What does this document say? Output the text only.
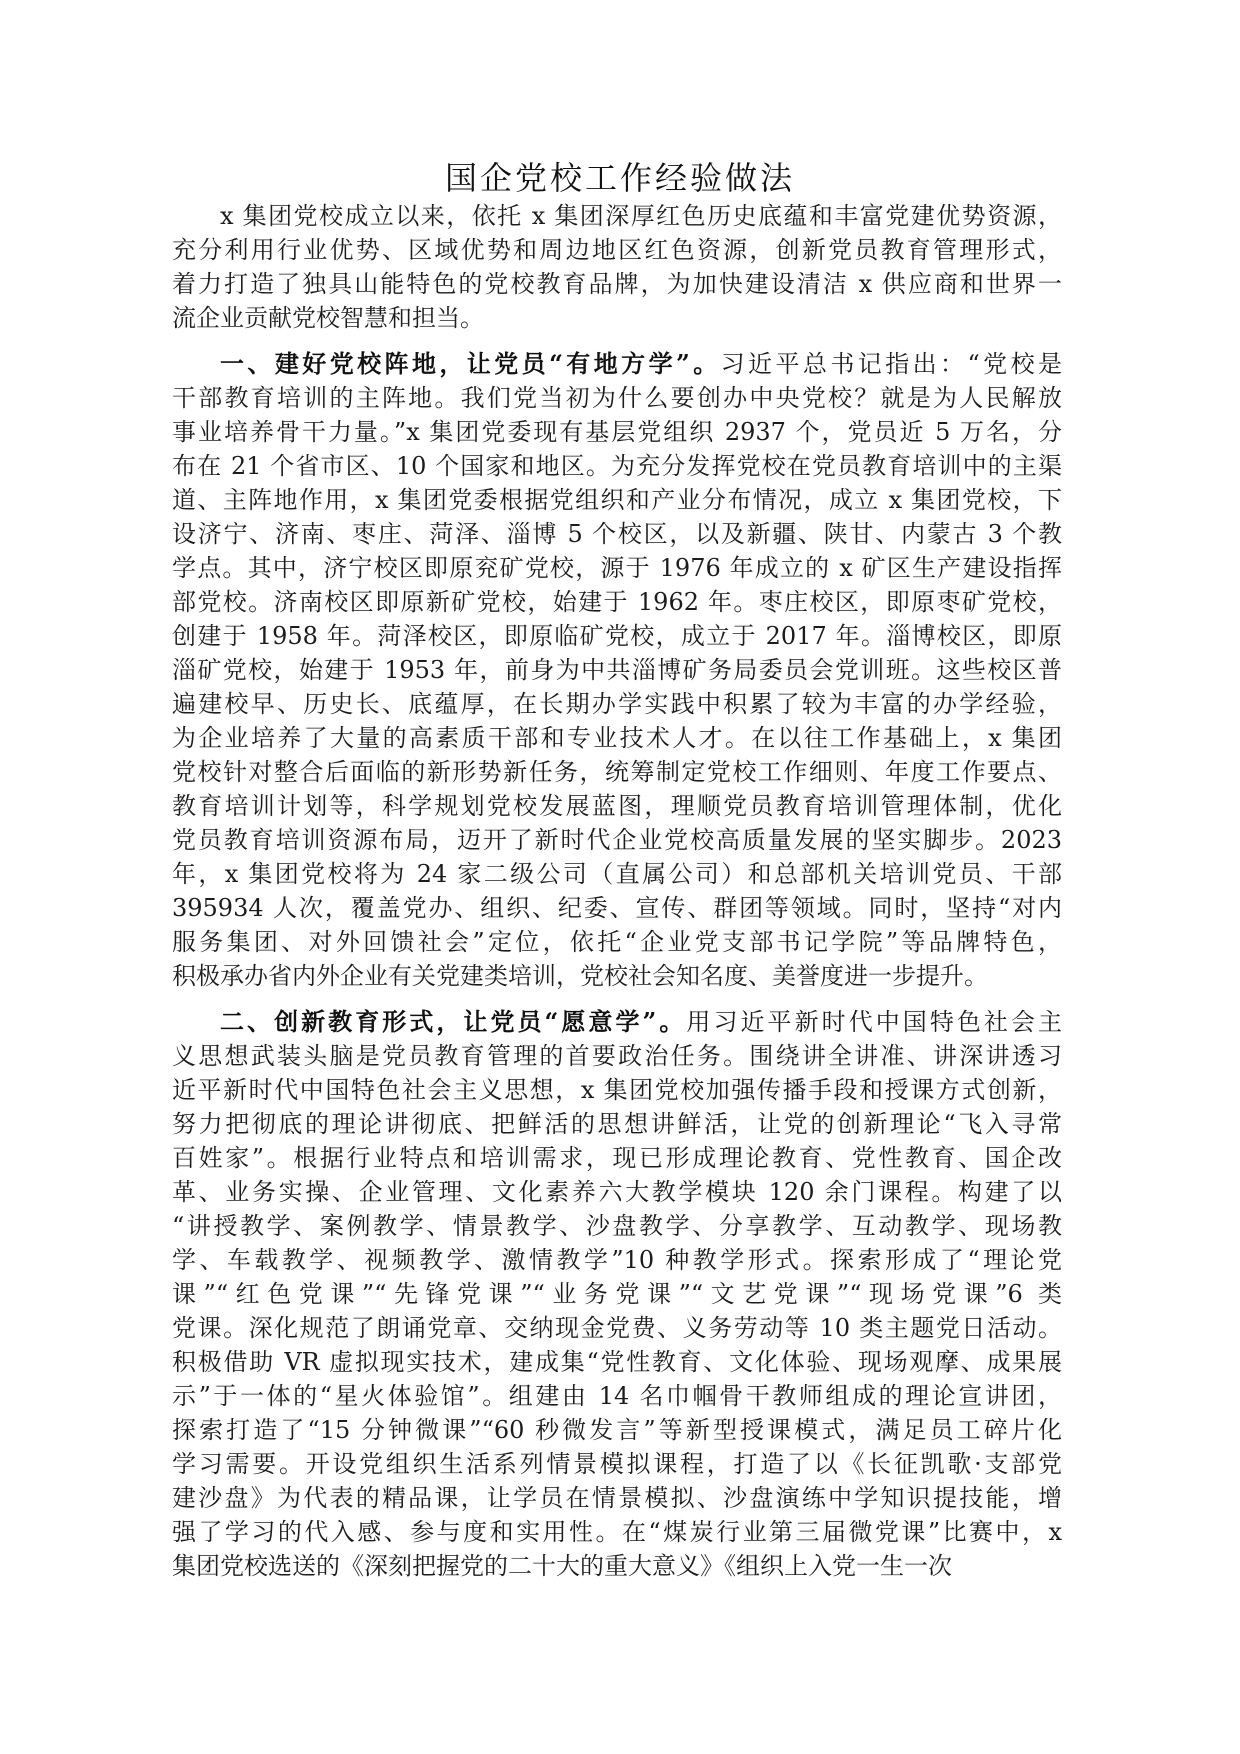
国企党校工作经验做法
x 集团党校成立以来，依托 x 集团深厚红色历史底蕴和丰富党建优势资源，
充分利用行业优势、区域优势和周边地区红色资源，创新党员教育管理形式，
着力打造了独具山能特色的党校教育品牌，为加快建设清洁 x 供应商和世界一
流企业贡献党校智慧和担当。
一、建好党校阵地，让党员“有地方学”。习近平总书记指出：“党校是
干部教育培训的主阵地。我们党当初为什么要创办中央党校？就是为人民解放
事业培养骨干力量。”x 集团党委现有基层党组织 2937 个，党员近 5 万名，分
布在 21 个省市区、10 个国家和地区。为充分发挥党校在党员教育培训中的主渠
道、主阵地作用，x 集团党委根据党组织和产业分布情况，成立 x 集团党校，下
设济宁、济南、枣庄、菏泽、淄博 5 个校区，以及新疆、陕甘、内蒙古 3 个教
学点。其中，济宁校区即原兖矿党校，源于 1976 年成立的 x 矿区生产建设指挥
部党校。济南校区即原新矿党校，始建于 1962 年。枣庄校区，即原枣矿党校，
创建于 1958 年。菏泽校区，即原临矿党校，成立于 2017 年。淄博校区，即原
淄矿党校，始建于 1953 年，前身为中共淄博矿务局委员会党训班。这些校区普
遍建校早、历史长、底蕴厚，在长期办学实践中积累了较为丰富的办学经验，
为企业培养了大量的高素质干部和专业技术人才。在以往工作基础上，x 集团
党校针对整合后面临的新形势新任务，统筹制定党校工作细则、年度工作要点、
教育培训计划等，科学规划党校发展蓝图，理顺党员教育培训管理体制，优化
党员教育培训资源布局，迈开了新时代企业党校高质量发展的坚实脚步。2023
年，x 集团党校将为 24 家二级公司（直属公司）和总部机关培训党员、干部
395934 人次，覆盖党办、组织、纪委、宣传、群团等领域。同时，坚持“对内
服务集团、对外回馈社会”定位，依托“企业党支部书记学院”等品牌特色，
积极承办省内外企业有关党建类培训，党校社会知名度、美誉度进一步提升。
二、创新教育形式，让党员“愿意学”。用习近平新时代中国特色社会主
义思想武装头脑是党员教育管理的首要政治任务。围绕讲全讲准、讲深讲透习
近平新时代中国特色社会主义思想，x 集团党校加强传播手段和授课方式创新，
努力把彻底的理论讲彻底、把鲜活的思想讲鲜活，让党的创新理论“飞入寻常
百姓家”。根据行业特点和培训需求，现已形成理论教育、党性教育、国企改
革、业务实操、企业管理、文化素养六大教学模块 120 余门课程。构建了以
“讲授教学、案例教学、情景教学、沙盘教学、分享教学、互动教学、现场教
学、车载教学、视频教学、激情教学”10 种教学形式。探索形成了“理论党
课”“红色党课”“先锋党课”“业务党课”“文艺党课”“现场党课”6 类
党课。深化规范了朗诵党章、交纳现金党费、义务劳动等 10 类主题党日活动。
积极借助 VR 虚拟现实技术，建成集“党性教育、文化体验、现场观摩、成果展
示”于一体的“星火体验馆”。组建由 14 名巾帼骨干教师组成的理论宣讲团，
探索打造了“15 分钟微课”“60 秒微发言”等新型授课模式，满足员工碎片化
学习需要。开设党组织生活系列情景模拟课程，打造了以《长征凯歌·支部党
建沙盘》为代表的精品课，让学员在情景模拟、沙盘演练中学知识提技能，增
强了学习的代入感、参与度和实用性。在“煤炭行业第三届微党课”比赛中，x
集团党校选送的《深刻把握党的二十大的重大意义》《组织上入党一生一次
